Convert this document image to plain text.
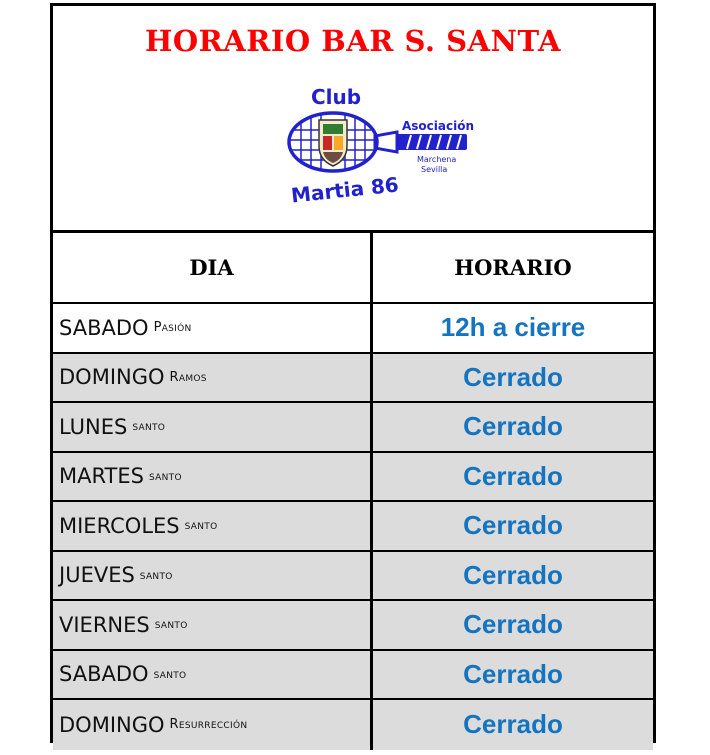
HORARIO BAR S. SANTA
Club
Asociación
Marchena
Sevilla
Martia 86
DIA	HORARIO
SABADO Pasión	12h a cierre
DOMINGO Ramos	Cerrado
LUNES santo	Cerrado
MARTES santo	Cerrado
MIERCOLES santo	Cerrado
JUEVES santo	Cerrado
VIERNES santo	Cerrado
SABADO santo	Cerrado
DOMINGO Resurrección	Cerrado
